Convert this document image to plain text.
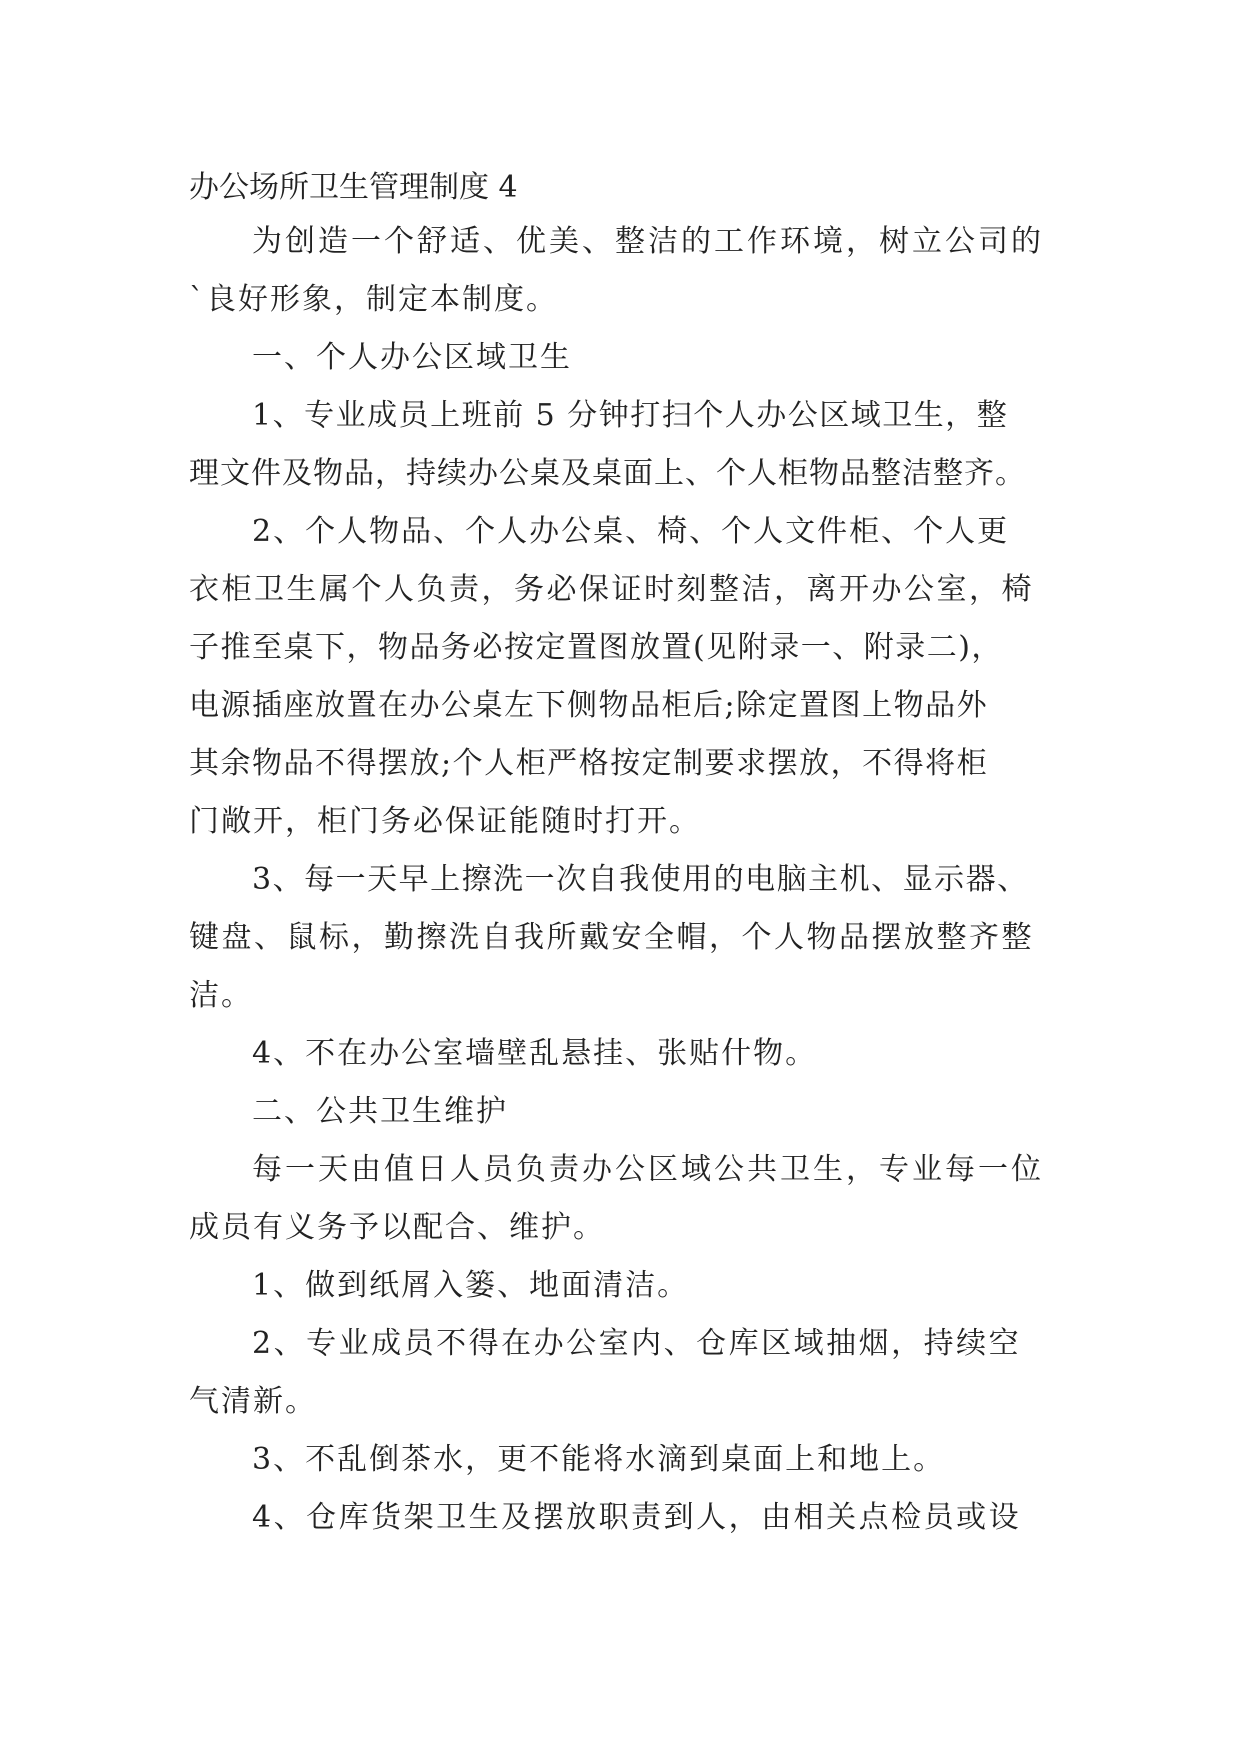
办公场所卫生管理制度 4

为创造一个舒适、优美、整洁的工作环境，树立公司的

`良好形象，制定本制度。

一、个人办公区域卫生

1、专业成员上班前 5 分钟打扫个人办公区域卫生，整

理文件及物品，持续办公桌及桌面上、个人柜物品整洁整齐。

2、个人物品、个人办公桌、椅、个人文件柜、个人更

衣柜卫生属个人负责，务必保证时刻整洁，离开办公室，椅

子推至桌下，物品务必按定置图放置(见附录一、附录二)，

电源插座放置在办公桌左下侧物品柜后;除定置图上物品外

其余物品不得摆放;个人柜严格按定制要求摆放，不得将柜

门敞开，柜门务必保证能随时打开。

3、每一天早上擦洗一次自我使用的电脑主机、显示器、

键盘、鼠标，勤擦洗自我所戴安全帽，个人物品摆放整齐整

洁。

4、不在办公室墙壁乱悬挂、张贴什物。

二、公共卫生维护

每一天由值日人员负责办公区域公共卫生，专业每一位

成员有义务予以配合、维护。

1、做到纸屑入篓、地面清洁。

2、专业成员不得在办公室内、仓库区域抽烟，持续空

气清新。

3、不乱倒茶水，更不能将水滴到桌面上和地上。

4、仓库货架卫生及摆放职责到人，由相关点检员或设
